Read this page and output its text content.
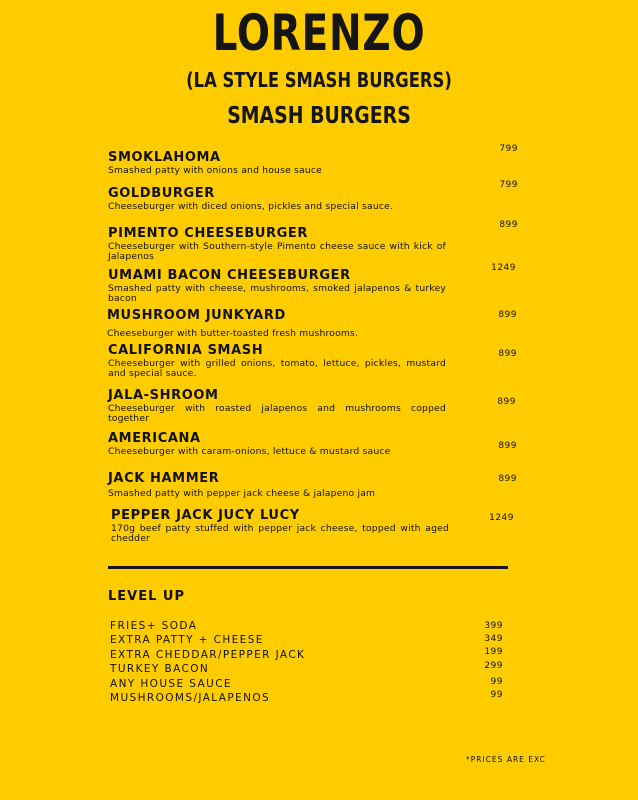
LORENZO
(LA STYLE SMASH BURGERS)
SMASH BURGERS
SMOKLAHOMA
Smashed patty with onions and house sauce
799
GOLDBURGER
Cheeseburger with diced onions, pickles and special sauce.
799
PIMENTO CHEESEBURGER
Cheeseburger with Southern-style Pimento cheese sauce with kick of Jalapenos
899
UMAMI BACON CHEESEBURGER
Smashed patty with cheese, mushrooms, smoked jalapenos & turkey bacon
1249
MUSHROOM JUNKYARD
Cheeseburger with butter-toasted fresh mushrooms.
899
CALIFORNIA SMASH
Cheeseburger with grilled onions, tomato, lettuce, pickles, mustard and special sauce.
899
JALA-SHROOM
Cheeseburger with roasted jalapenos and mushrooms copped together
899
AMERICANA
Cheeseburger with caram-onions, lettuce & mustard sauce	899
JACK HAMMER
Smashed patty with pepper jack cheese & jalapeno jam
899
PEPPER JACK JUCY LUCY
170g beef patty stuffed with pepper jack cheese, topped with aged chedder
1249
LEVEL UP
FRIES+ SODA	399
EXTRA PATTY + CHEESE	349
EXTRA CHEDDAR/PEPPER JACK	199
TURKEY BACON	299
ANY HOUSE SAUCE	99
MUSHROOMS/JALAPENOS	99
*PRICES ARE EXC
